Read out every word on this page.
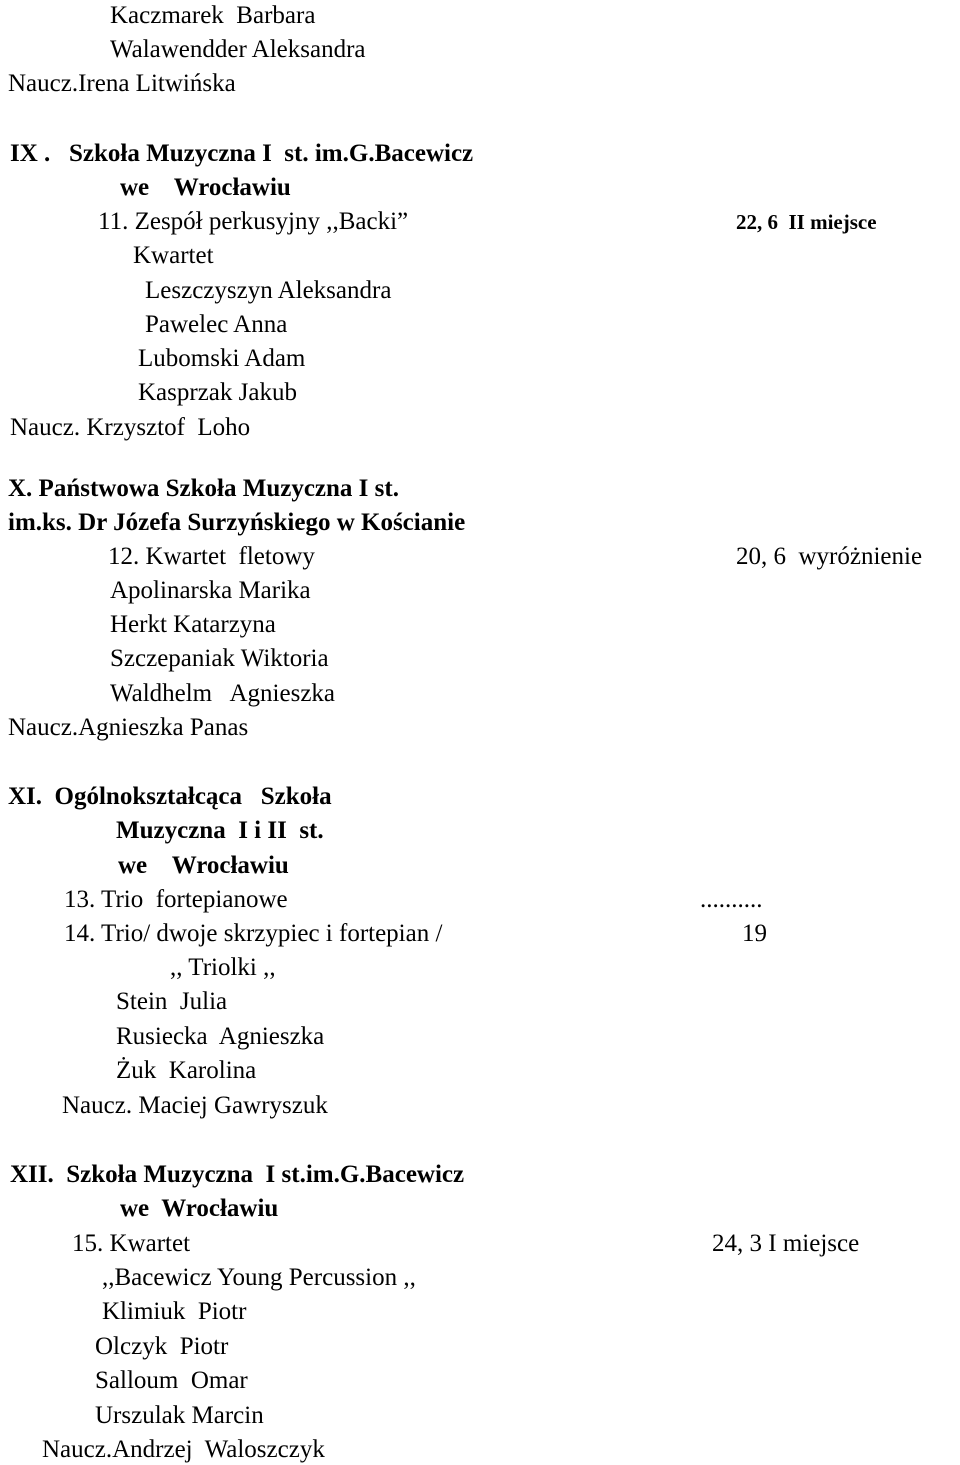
Kaczmarek  Barbara
Walawendder Aleksandra
Naucz.Irena Litwińska
IX .   Szkoła Muzyczna I  st. im.G.Bacewicz
we    Wrocławiu
11. Zespół perkusyjny ,,Backi”	22, 6  II miejsce
Kwartet
Leszczyszyn Aleksandra
Pawelec Anna
Lubomski Adam
Kasprzak Jakub
Naucz. Krzysztof  Loho
X. Państwowa Szkoła Muzyczna I st.
im.ks. Dr Józefa Surzyńskiego w Kościanie
12. Kwartet  fletowy	20, 6  wyróżnienie
Apolinarska Marika
Herkt Katarzyna
Szczepaniak Wiktoria
Waldhelm   Agnieszka
Naucz.Agnieszka Panas
XI.  Ogólnokształcąca   Szkoła
Muzyczna  I i II  st.
we    Wrocławiu
13. Trio  fortepianowe	..........
14. Trio/ dwoje skrzypiec i fortepian /	19
,, Triolki ,,
Stein  Julia
Rusiecka  Agnieszka
Żuk  Karolina
Naucz. Maciej Gawryszuk
XII.  Szkoła Muzyczna  I st.im.G.Bacewicz
we  Wrocławiu
15. Kwartet	24, 3 I miejsce
,,Bacewicz Young Percussion ,,
Klimiuk  Piotr
Olczyk  Piotr
Salloum  Omar
Urszulak Marcin
Naucz.Andrzej  Waloszczyk
